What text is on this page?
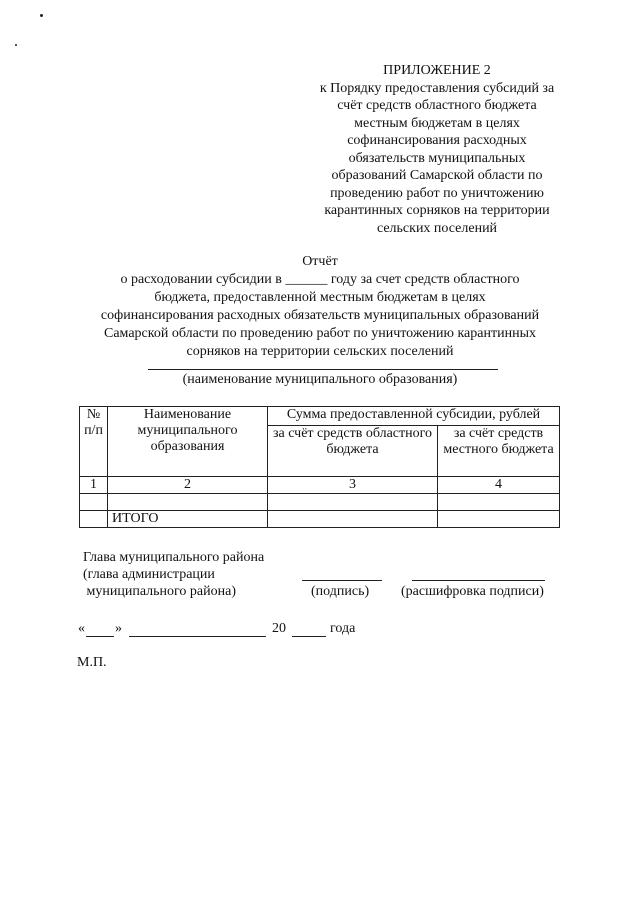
ПРИЛОЖЕНИЕ 2
к Порядку предоставления субсидий за
счёт средств областного бюджета
местным бюджетам в целях
софинансирования расходных
обязательств муниципальных
образований Самарской области по
проведению работ по уничтожению
карантинных сорняков на территории
сельских поселений
Отчёт
о расходовании субсидии в ______ году за счет средств областного
бюджета, предоставленной местным бюджетам в целях
софинансирования расходных обязательств муниципальных образований
Самарской области по проведению работ по уничтожению карантинных
сорняков на территории сельских поселений
(наименование муниципального образования)
№ п/п	Наименование муниципального образования	Сумма предоставленной субсидии, рублей	
		за счёт средств областного бюджета	за счёт средств местного бюджета
1	2	3	4

	ИТОГО		
Глава муниципального района
(глава администрации
муниципального района)	(подпись) (расшифровка подписи)
« »	20	года
М.П.
